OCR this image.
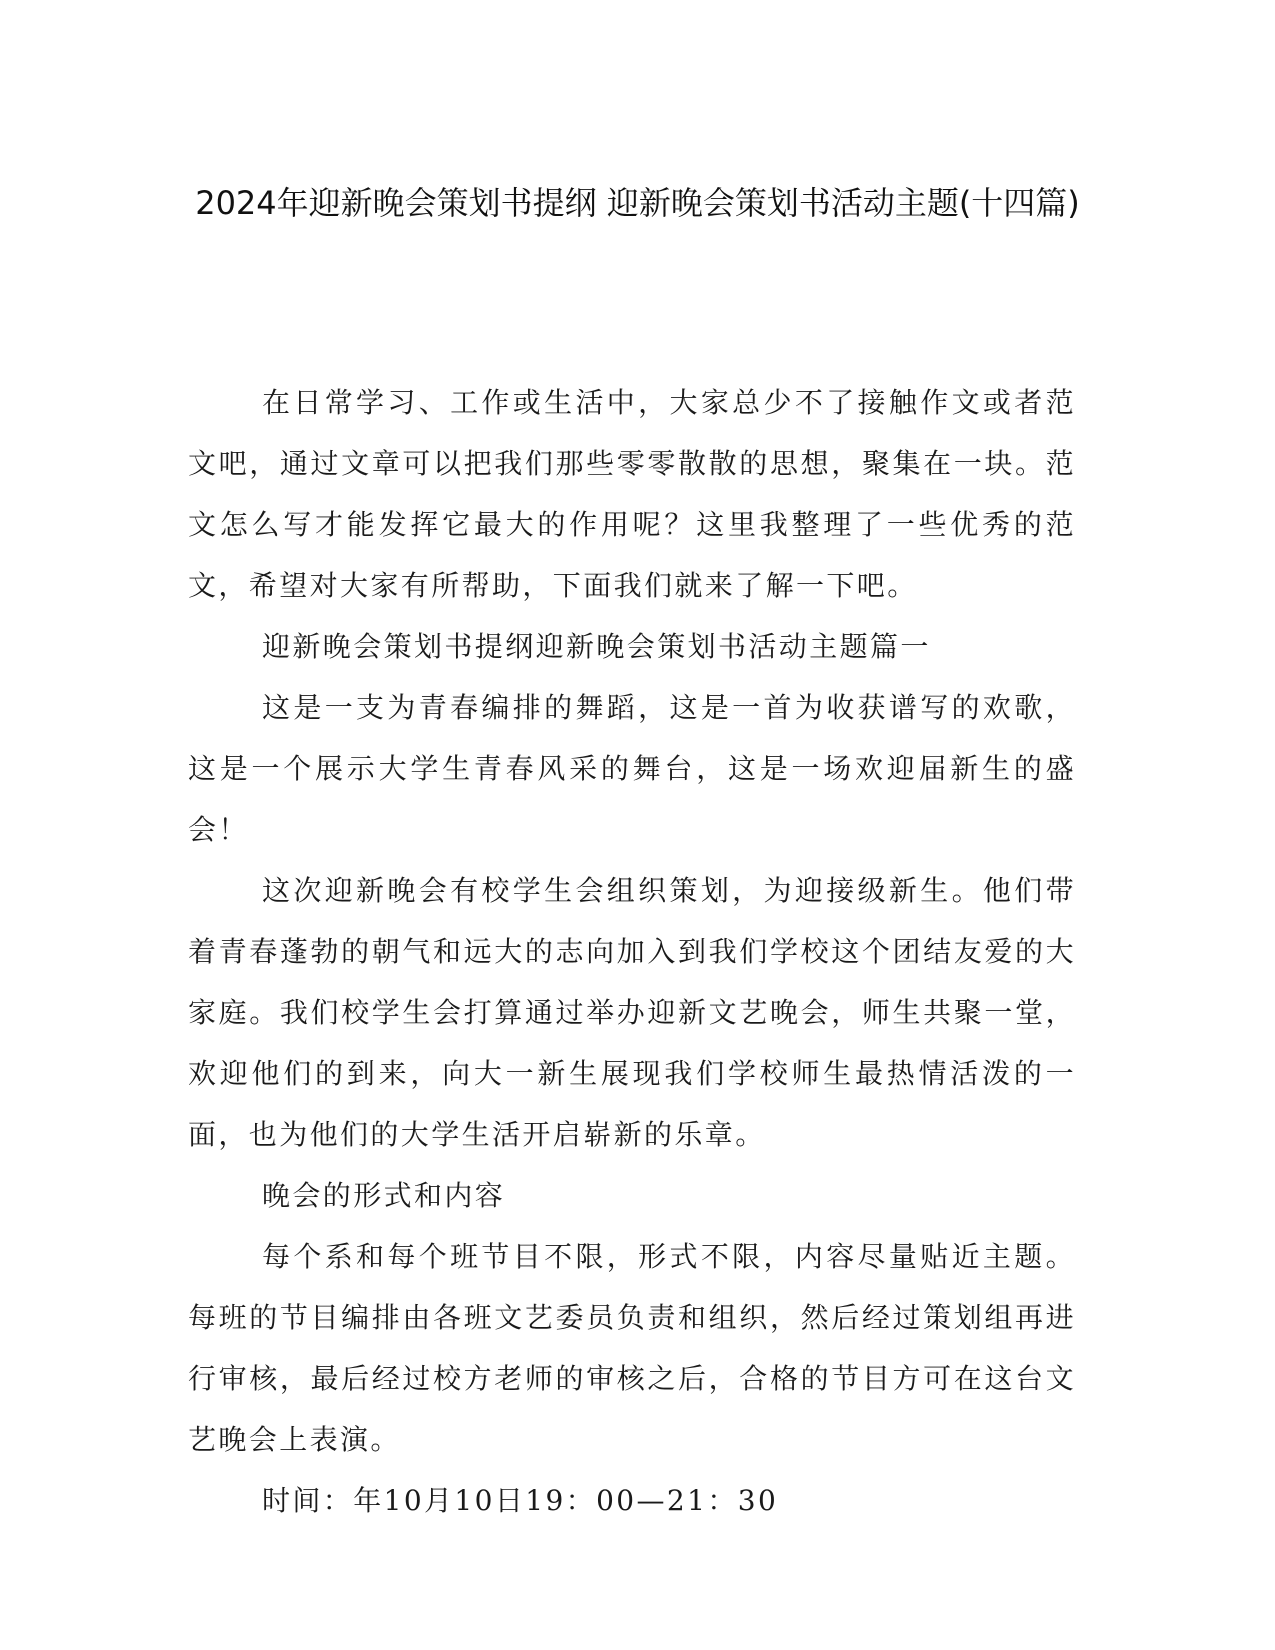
2024年迎新晚会策划书提纲 迎新晚会策划书活动主题(十四篇)

在日常学习、工作或生活中，大家总少不了接触作文或者范文吧，通过文章可以把我们那些零零散散的思想，聚集在一块。范文怎么写才能发挥它最大的作用呢？这里我整理了一些优秀的范文，希望对大家有所帮助，下面我们就来了解一下吧。

迎新晚会策划书提纲迎新晚会策划书活动主题篇一

这是一支为青春编排的舞蹈，这是一首为收获谱写的欢歌，这是一个展示大学生青春风采的舞台，这是一场欢迎届新生的盛会！

这次迎新晚会有校学生会组织策划，为迎接级新生。他们带着青春蓬勃的朝气和远大的志向加入到我们学校这个团结友爱的大家庭。我们校学生会打算通过举办迎新文艺晚会，师生共聚一堂，欢迎他们的到来，向大一新生展现我们学校师生最热情活泼的一面，也为他们的大学生活开启崭新的乐章。

晚会的形式和内容

每个系和每个班节目不限，形式不限，内容尽量贴近主题。每班的节目编排由各班文艺委员负责和组织，然后经过策划组再进行审核，最后经过校方老师的审核之后，合格的节目方可在这台文艺晚会上表演。

时间：年10月10日19：00—21：30
